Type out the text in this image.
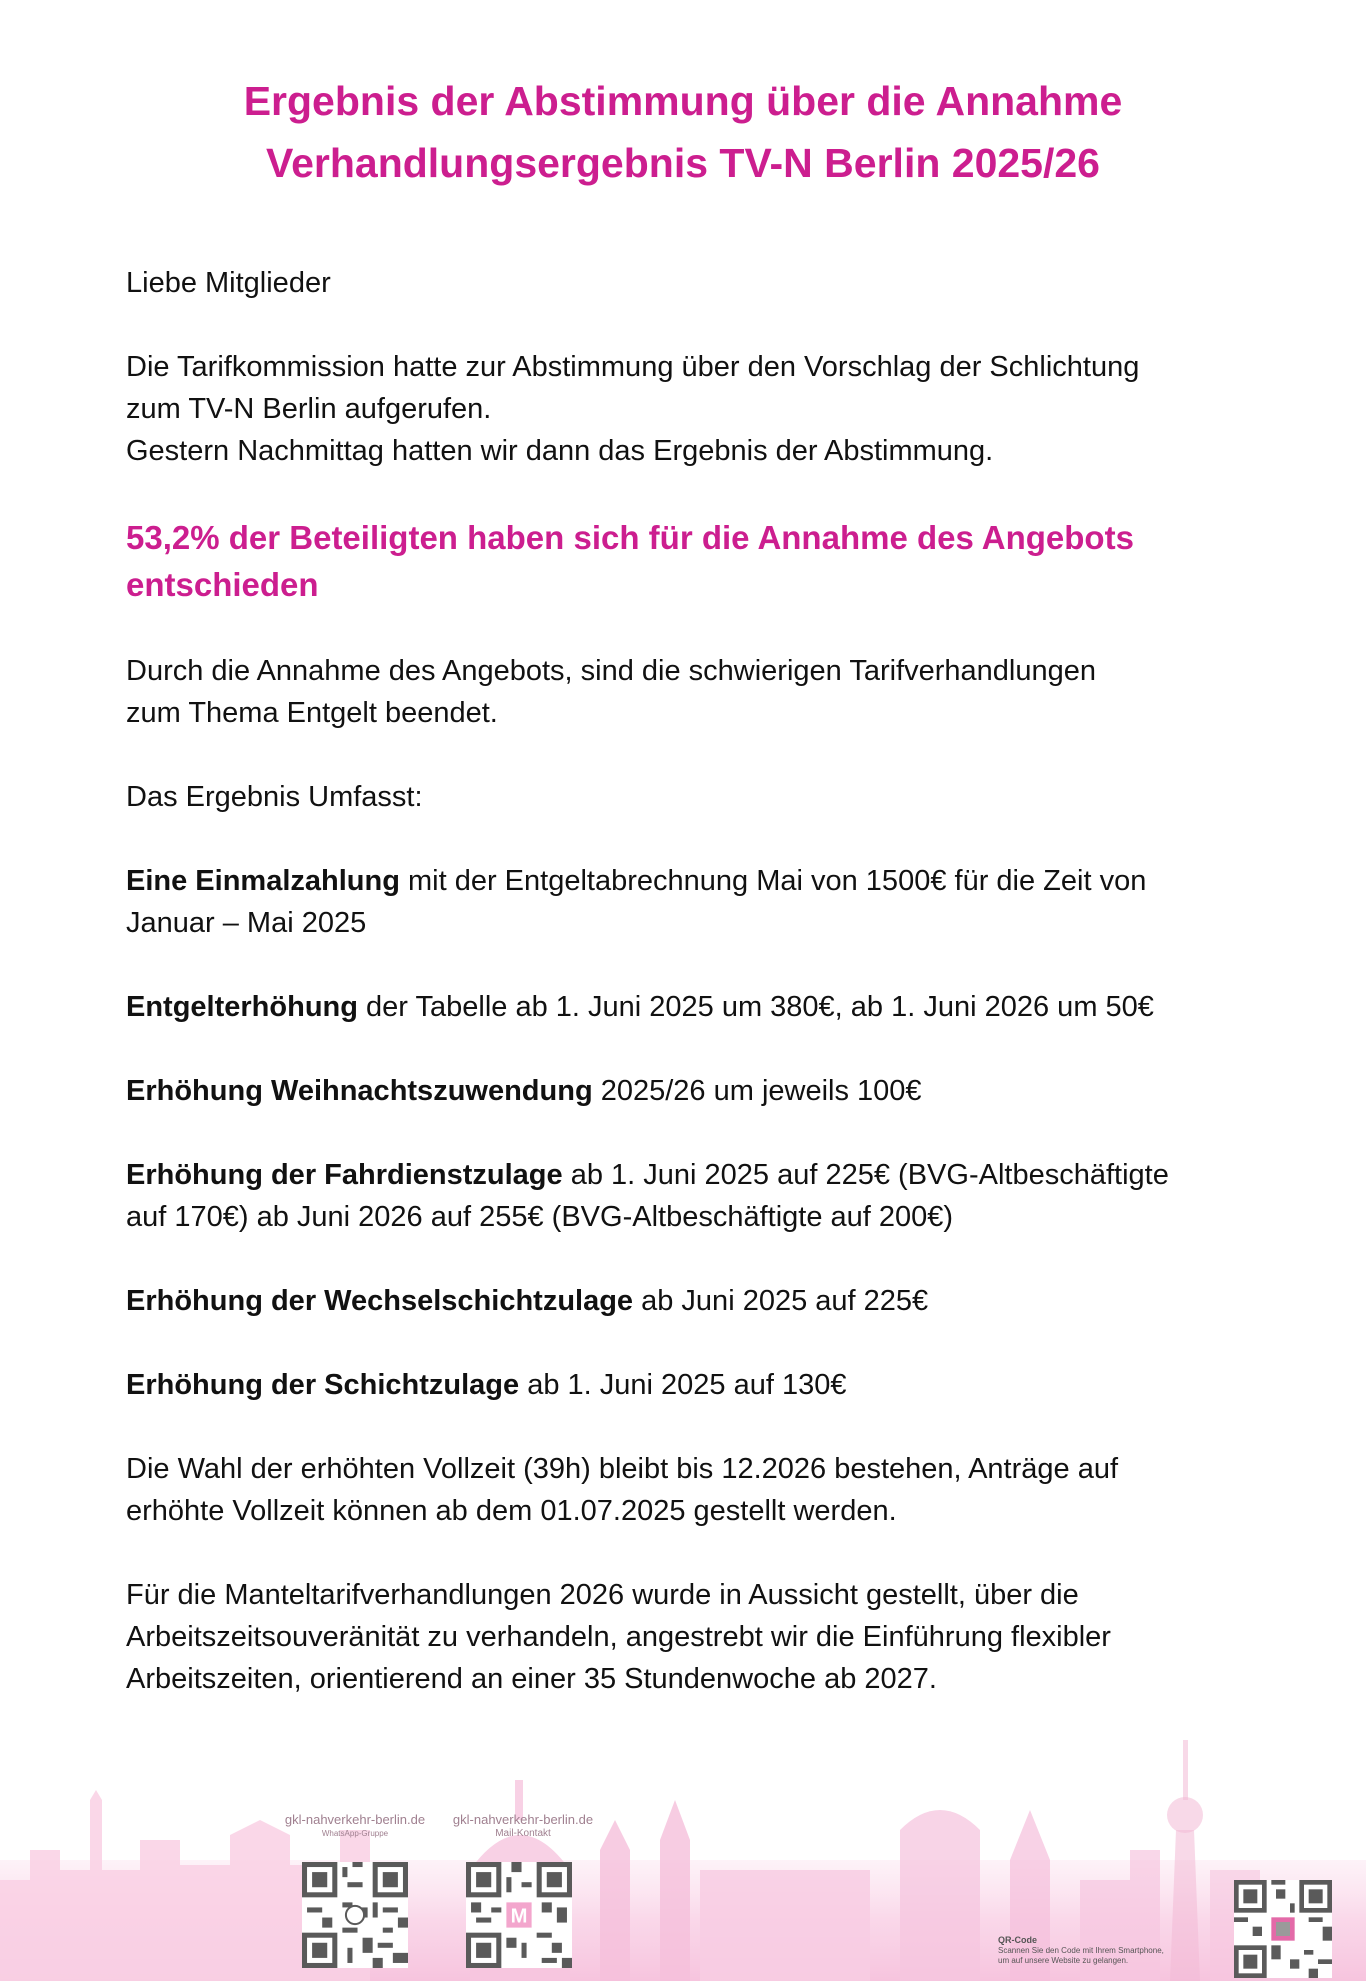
Ergebnis der Abstimmung über die Annahme
Verhandlungsergebnis TV-N Berlin 2025/26

Liebe Mitglieder

Die Tarifkommission hatte zur Abstimmung über den Vorschlag der Schlichtung

zum TV-N Berlin aufgerufen.

Gestern Nachmittag hatten wir dann das Ergebnis der Abstimmung.

53,2% der Beteiligten haben sich für die Annahme des Angebots
entschieden

Durch die Annahme des Angebots, sind die schwierigen Tarifverhandlungen

zum Thema Entgelt beendet.

Das Ergebnis Umfasst:

Eine Einmalzahlung mit der Entgeltabrechnung Mai von 1500€ für die Zeit von

Januar – Mai 2025

Entgelterhöhung der Tabelle ab 1. Juni 2025 um 380€, ab 1. Juni 2026 um 50€

Erhöhung Weihnachtszuwendung 2025/26 um jeweils 100€

Erhöhung der Fahrdienstzulage ab 1. Juni 2025 auf 225€ (BVG-Altbeschäftigte

auf 170€) ab Juni 2026 auf 255€ (BVG-Altbeschäftigte auf 200€)

Erhöhung der Wechselschichtzulage ab Juni 2025 auf 225€

Erhöhung der Schichtzulage ab 1. Juni 2025 auf 130€

Die Wahl der erhöhten Vollzeit (39h) bleibt bis 12.2026 bestehen, Anträge auf

erhöhte Vollzeit können ab dem 01.07.2025 gestellt werden.

Für die Manteltarifverhandlungen 2026 wurde in Aussicht gestellt, über die

Arbeitszeitsouveränität zu verhandeln, angestrebt wir die Einführung flexibler

Arbeitszeiten, orientierend an einer 35 Stundenwoche ab 2027.

gkl-nahverkehr-berlin.de
WhatsApp-Gruppe
gkl-nahverkehr-berlin.de
Mail-Kontakt
M
QR-Code
Scannen Sie den Code mit Ihrem Smartphone,
um auf unsere Website zu gelangen.
